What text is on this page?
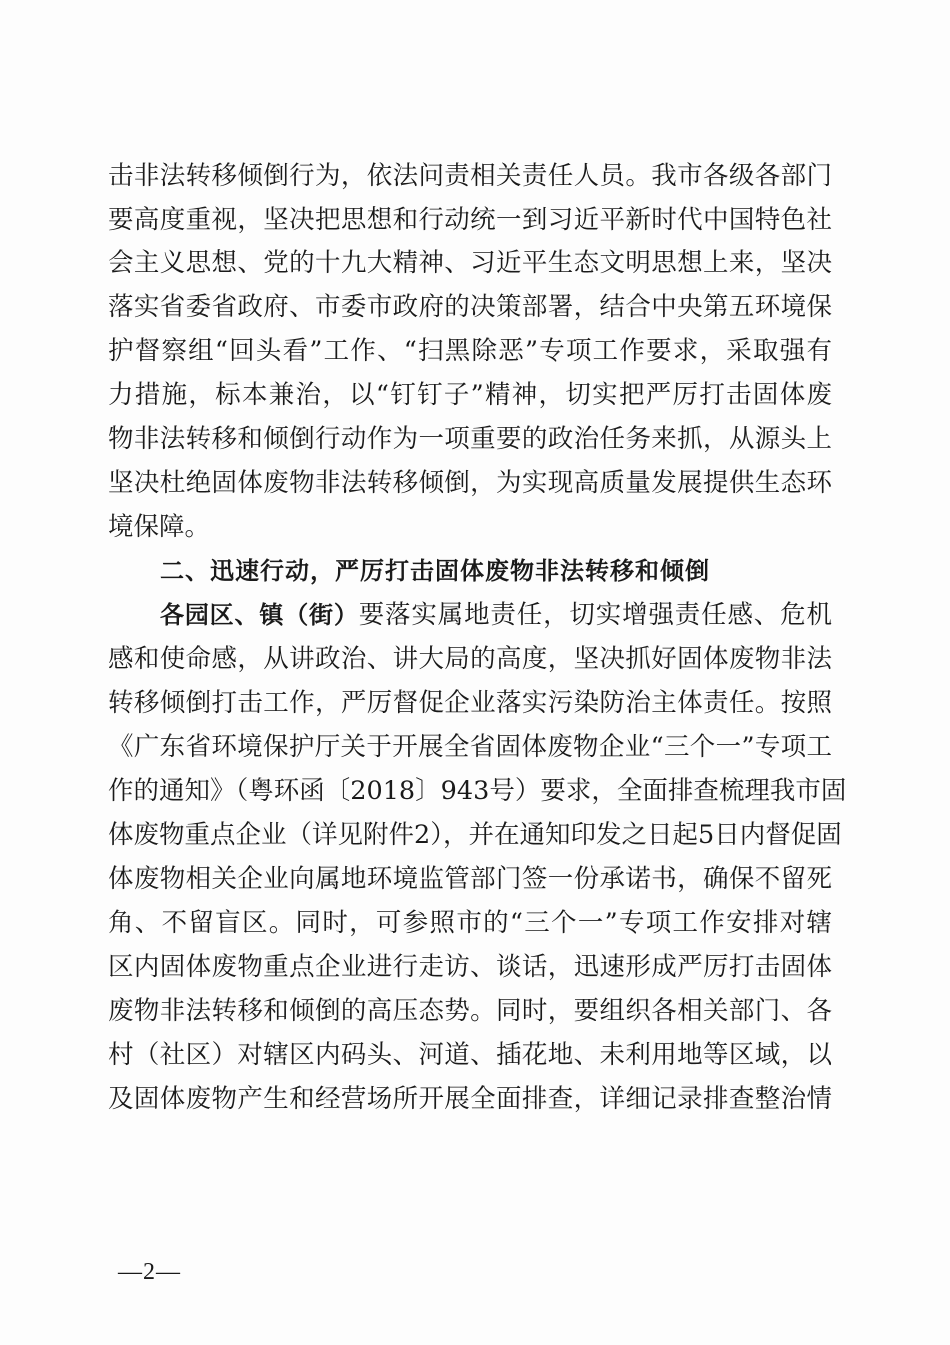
击非法转移倾倒行为，依法问责相关责任人员。我市各级各部门
要高度重视，坚决把思想和行动统一到习近平新时代中国特色社
会主义思想、党的十九大精神、习近平生态文明思想上来，坚决
落实省委省政府、市委市政府的决策部署，结合中央第五环境保
护督察组“回头看”工作、“扫黑除恶”专项工作要求，采取强有
力措施，标本兼治，以“钉钉子”精神，切实把严厉打击固体废
物非法转移和倾倒行动作为一项重要的政治任务来抓，从源头上
坚决杜绝固体废物非法转移倾倒，为实现高质量发展提供生态环
境保障。
二、迅速行动，严厉打击固体废物非法转移和倾倒
各园区、镇（街）要落实属地责任，切实增强责任感、危机
感和使命感，从讲政治、讲大局的高度，坚决抓好固体废物非法
转移倾倒打击工作，严厉督促企业落实污染防治主体责任。按照
《广东省环境保护厅关于开展全省固体废物企业“三个一”专项工
作的通知》（粤环函〔2018〕943号）要求，全面排查梳理我市固
体废物重点企业（详见附件2），并在通知印发之日起5日内督促固
体废物相关企业向属地环境监管部门签一份承诺书，确保不留死
角、不留盲区。同时，可参照市的“三个一”专项工作安排对辖
区内固体废物重点企业进行走访、谈话，迅速形成严厉打击固体
废物非法转移和倾倒的高压态势。同时，要组织各相关部门、各
村（社区）对辖区内码头、河道、插花地、未利用地等区域，以
及固体废物产生和经营场所开展全面排查，详细记录排查整治情
—2—
